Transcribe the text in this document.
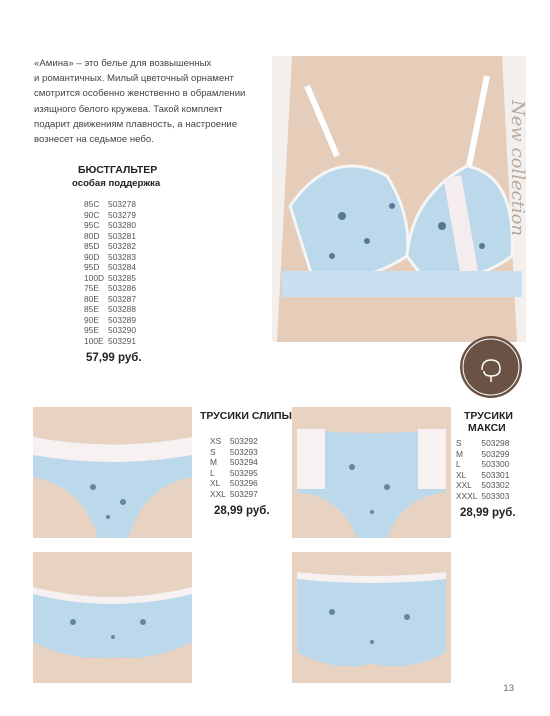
«Амина» – это белье для возвышенных
и романтичных. Милый цветочный орнамент
смотрится особенно женственно в обрамлении
изящного белого кружева. Такой комплект
подарит движениям плавность, а настроение
вознесет на седьмое небо.
БЮСТГАЛЬТЕР
особая поддержка
85C	503278
90C	503279
95C	503280
80D	503281
85D	503282
90D	503283
95D	503284
100D	503285
75E	503286
80E	503287
85E	503288
90E	503289
95E	503290
100E	503291
57,99 руб.
New collection
ТРУСИКИ СЛИПЫ
XS	503292
S	503293
M	503294
L	503295
XL	503296
XXL	503297
28,99 руб.
ТРУСИКИ
МАКСИ
S	503298
M	503299
L	503300
XL	503301
XXL	503302
XXXL	503303
28,99 руб.
13
